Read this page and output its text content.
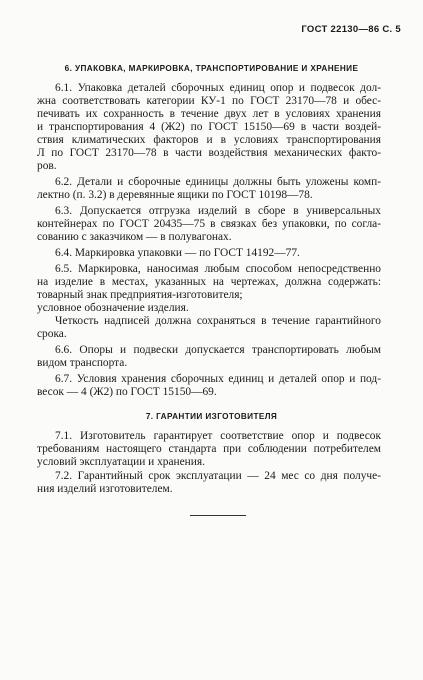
ГОСТ 22130—86 С. 5
6. УПАКОВКА, МАРКИРОВКА, ТРАНСПОРТИРОВАНИЕ И ХРАНЕНИЕ
6.1. Упаковка деталей сборочных единиц опор и подвесок дол-
жна соответствовать категории КУ-1 по ГОСТ 23170—78 и обес-
печивать их сохранность в течение двух лет в условиях хранения
и транспортирования 4 (Ж2) по ГОСТ 15150—69 в части воздей-
ствия климатических факторов и в условиях транспортирования
Л по ГОСТ 23170—78 в части воздействия механических факто-
ров.
6.2. Детали и сборочные единицы должны быть уложены комп-
лектно (п. 3.2) в деревянные ящики по ГОСТ 10198—78.
6.3. Допускается отгрузка изделий в сборе в универсальных
контейнерах по ГОСТ 20435—75 в связках без упаковки, по согла-
сованию с заказчиком — в полувагонах.
6.4. Маркировка упаковки — по ГОСТ 14192—77.
6.5. Маркировка, наносимая любым способом непосредственно
на изделие в местах, указанных на чертежах, должна содержать:
товарный знак предприятия-изготовителя;
условное обозначение изделия.
Четкость надписей должна сохраняться в течение гарантийного
срока.
6.6. Опоры и подвески допускается транспортировать любым
видом транспорта.
6.7. Условия хранения сборочных единиц и деталей опор и под-
весок — 4 (Ж2) по ГОСТ 15150—69.
7. ГАРАНТИИ ИЗГОТОВИТЕЛЯ
7.1. Изготовитель гарантирует соответствие опор и подвесок
требованиям настоящего стандарта при соблюдении потребителем
условий эксплуатации и хранения.
7.2. Гарантийный срок эксплуатации — 24 мес со дня получе-
ния изделий изготовителем.
